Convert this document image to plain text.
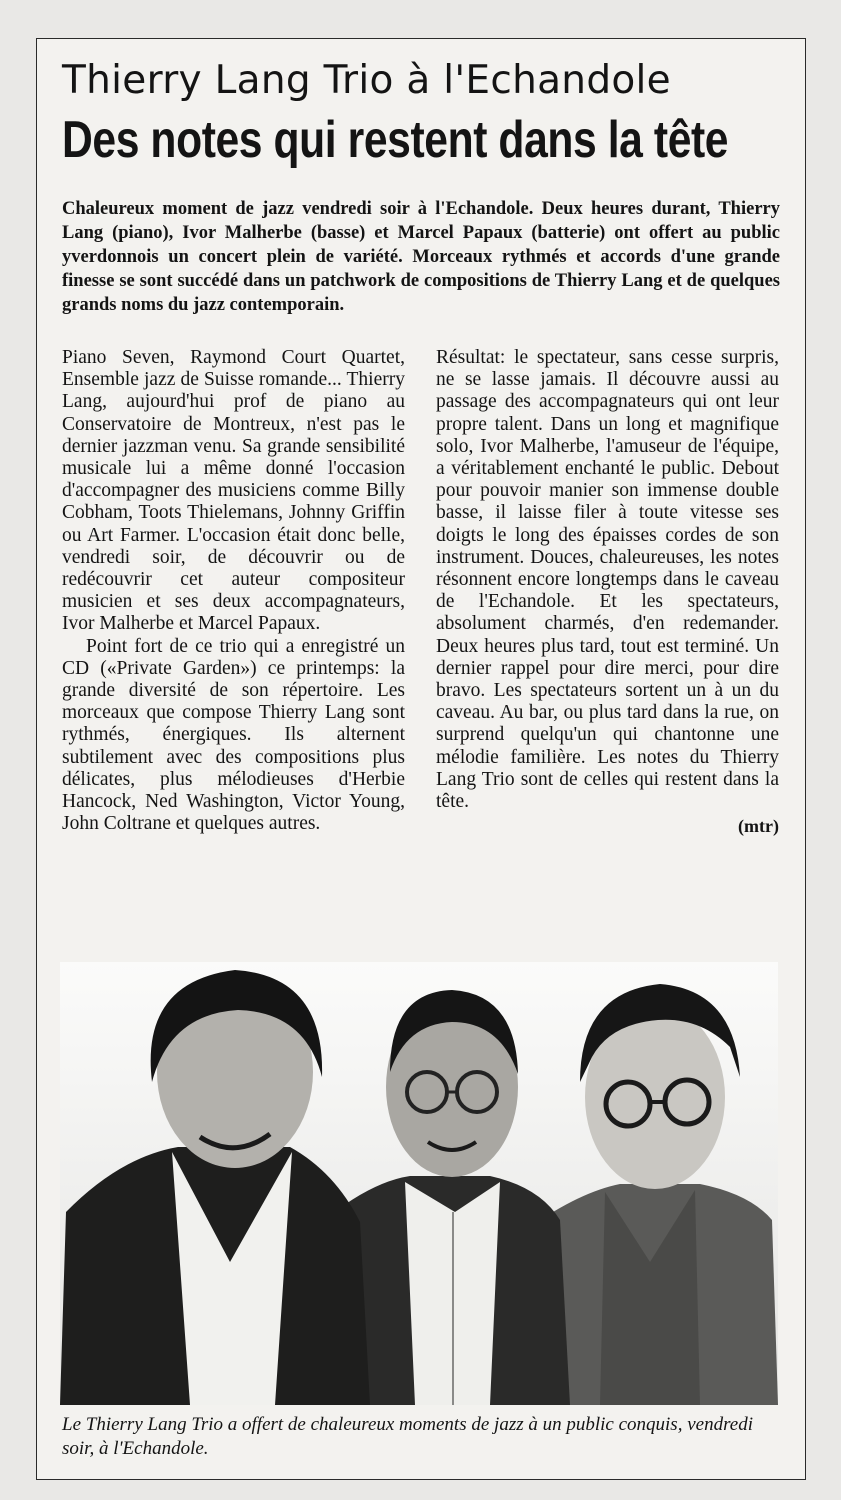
Thierry Lang Trio à l'Echandole
Des notes qui restent dans la tête

Chaleureux moment de jazz vendredi soir à l'Echandole. Deux heures durant, Thierry Lang (piano), Ivor Malherbe (basse) et Marcel Papaux (batterie) ont offert au public yverdonnois un concert plein de variété. Morceaux rythmés et accords d'une grande finesse se sont succédé dans un patchwork de compositions de Thierry Lang et de quelques grands noms du jazz contemporain.

Piano Seven, Raymond Court Quartet, Ensemble jazz de Suisse romande... Thierry Lang, aujourd'hui prof de piano au Conservatoire de Montreux, n'est pas le dernier jazzman venu. Sa grande sensibilité musicale lui a même donné l'occasion d'accompagner des musiciens comme Billy Cobham, Toots Thielemans, Johnny Griffin ou Art Farmer. L'occasion était donc belle, vendredi soir, de découvrir ou de redécouvrir cet auteur compositeur musicien et ses deux accompagnateurs, Ivor Malherbe et Marcel Papaux.

Point fort de ce trio qui a enregistré un CD («Private Garden») ce printemps: la grande diversité de son répertoire. Les morceaux que compose Thierry Lang sont rythmés, énergiques. Ils alternent subtilement avec des compositions plus délicates, plus mélodieuses d'Herbie Hancock, Ned Washington, Victor Young, John Coltrane et quelques autres.

Résultat: le spectateur, sans cesse surpris, ne se lasse jamais. Il découvre aussi au passage des accompagnateurs qui ont leur propre talent. Dans un long et magnifique solo, Ivor Malherbe, l'amuseur de l'équipe, a véritablement enchanté le public. Debout pour pouvoir manier son immense double basse, il laisse filer à toute vitesse ses doigts le long des épaisses cordes de son instrument. Douces, chaleureuses, les notes résonnent encore longtemps dans le caveau de l'Echandole. Et les spectateurs, absolument charmés, d'en redemander. Deux heures plus tard, tout est terminé. Un dernier rappel pour dire merci, pour dire bravo. Les spectateurs sortent un à un du caveau. Au bar, ou plus tard dans la rue, on surprend quelqu'un qui chantonne une mélodie familière. Les notes du Thierry Lang Trio sont de celles qui restent dans la tête.

(mtr)

Le Thierry Lang Trio a offert de chaleureux moments de jazz à un public conquis, vendredi soir, à l'Echandole.
